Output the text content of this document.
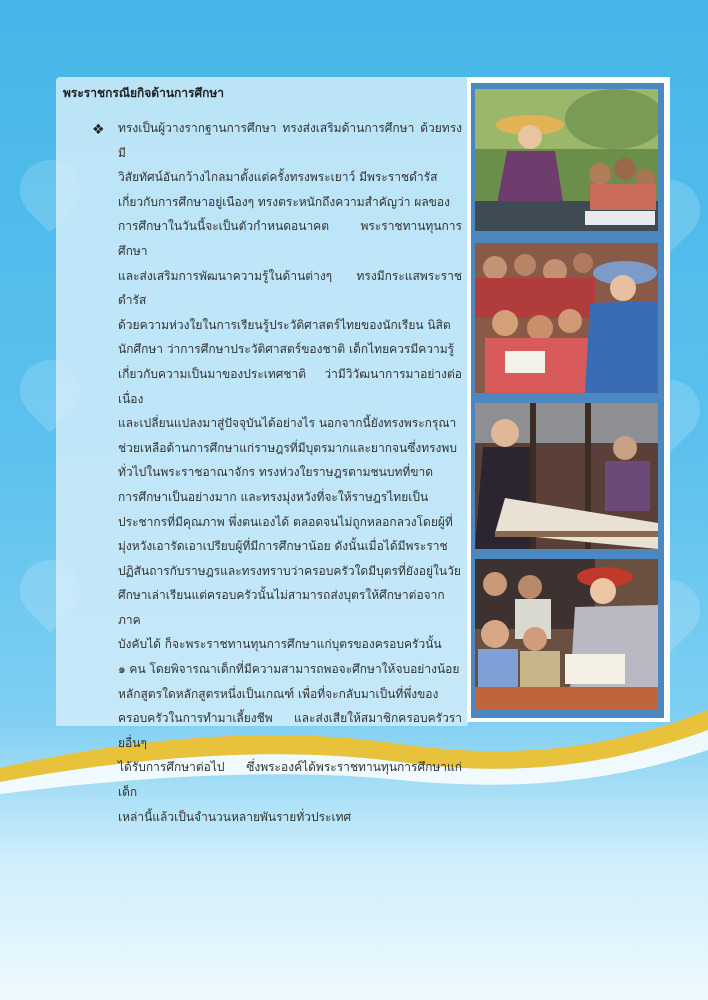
พระราชกรณียกิจด้านการศึกษา
❖ ทรงเป็นผู้วางรากฐานการศึกษา ทรงส่งเสริมด้านการศึกษา ด้วยทรงมี
วิสัยทัศน์อันกว้างไกลมาตั้งแต่ครั้งทรงพระเยาว์ มีพระราชดำรัส
เกี่ยวกับการศึกษาอยู่เนืองๆ ทรงตระหนักถึงความสำคัญว่า ผลของ
การศึกษาในวันนี้จะเป็นตัวกำหนดอนาคต พระราชทานทุนการศึกษา
และส่งเสริมการพัฒนาความรู้ในด้านต่างๆ ทรงมีกระแสพระราชดำรัส
ด้วยความห่วงใยในการเรียนรู้ประวัติศาสตร์ไทยของนักเรียน นิสิต
นักศึกษา ว่าการศึกษาประวัติศาสตร์ของชาติ เด็กไทยควรมีความรู้
เกี่ยวกับความเป็นมาของประเทศชาติ ว่ามีวิวัฒนาการมาอย่างต่อเนื่อง
และเปลี่ยนแปลงมาสู่ปัจจุบันได้อย่างไร นอกจากนี้ยังทรงพระกรุณา
ช่วยเหลือด้านการศึกษาแก่ราษฎรที่มีบุตรมากและยากจนซึ่งทรงพบ
ทั่วไปในพระราชอาณาจักร ทรงห่วงใยราษฎรตามชนบทที่ขาด
การศึกษาเป็นอย่างมาก และทรงมุ่งหวังที่จะให้ราษฎรไทยเป็น
ประชากรที่มีคุณภาพ พึ่งตนเองได้ ตลอดจนไม่ถูกหลอกลวงโดยผู้ที่
มุ่งหวังเอารัดเอาเปรียบผู้ที่มีการศึกษาน้อย ดังนั้นเมื่อได้มีพระราช
ปฏิสันถารกับราษฎรและทรงทราบว่าครอบครัวใดมีบุตรที่ยังอยู่ในวัย
ศึกษาเล่าเรียนแต่ครอบครัวนั้นไม่สามารถส่งบุตรให้ศึกษาต่อจากภาค
บังคับได้ ก็จะพระราชทานทุนการศึกษาแก่บุตรของครอบครัวนั้น
๑ คน โดยพิจารณาเด็กที่มีความสามารถพอจะศึกษาให้จบอย่างน้อย
หลักสูตรใดหลักสูตรหนึ่งเป็นเกณฑ์ เพื่อที่จะกลับมาเป็นที่พึ่งของ
ครอบครัวในการทำมาเลี้ยงชีพ และส่งเสียให้สมาชิกครอบครัวรายอื่นๆ
ได้รับการศึกษาต่อไป ซึ่งพระองค์ได้พระราชทานทุนการศึกษาแก่เด็ก
เหล่านี้แล้วเป็นจำนวนหลายพันรายทั่วประเทศ
